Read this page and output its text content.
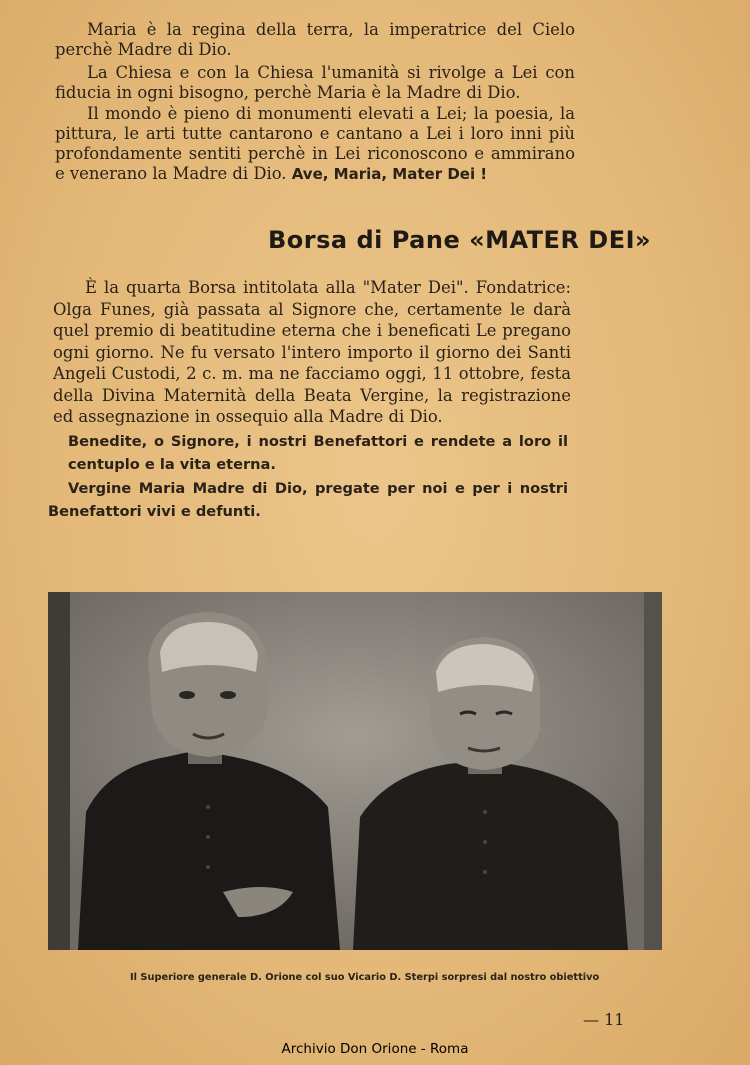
Maria è la regina della terra, la imperatrice del Cielo perchè Madre di Dio.

La Chiesa e con la Chiesa l'umanità si rivolge a Lei con fiducia in ogni bisogno, perchè Maria è la Madre di Dio.

Il mondo è pieno di monumenti elevati a Lei; la poesia, la pittura, le arti tutte cantarono e cantano a Lei i loro inni più profondamente sentiti perchè in Lei riconoscono e ammirano e venerano la Madre di Dio. Ave, Maria, Mater Dei !

Borsa di Pane «MATER DEI»

È la quarta Borsa intitolata alla "Mater Dei". Fondatrice: Olga Funes, già passata al Signore che, certamente le darà quel premio di beatitudine eterna che i beneficati Le pregano ogni giorno. Ne fu versato l'intero importo il giorno dei Santi Angeli Custodi, 2 c. m. ma ne facciamo oggi, 11 ottobre, festa della Divina Maternità della Beata Vergine, la registrazione ed assegnazione in ossequio alla Madre di Dio.

Benedite, o Signore, i nostri Benefattori e rendete a loro il centuplo e la vita eterna.

Vergine Maria Madre di Dio, pregate per noi e per i nostri Benefattori vivi e defunti.

Il Superiore generale D. Orione col suo Vicario D. Sterpi sorpresi dal nostro obiettivo
— 11
Archivio Don Orione - Roma
